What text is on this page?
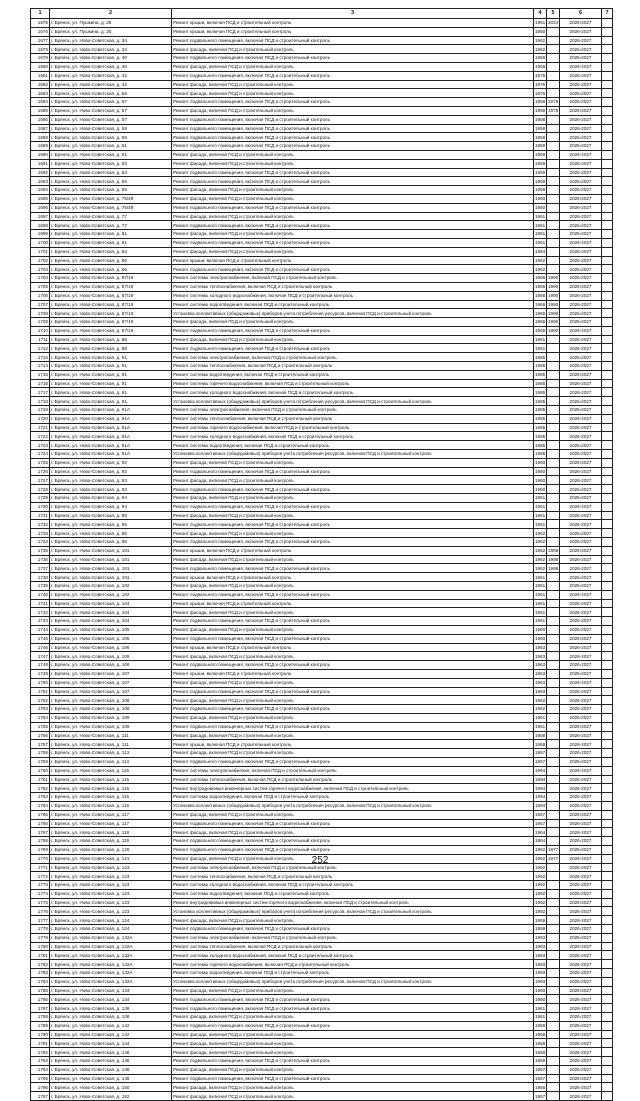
1	2	3	4	5	6	7
1675	г. Брянск, ул. Пушкина, д. 28	Ремонт крыши, включая ПСД и строительный контроль	1951	2024	2026-2027	
1676	г. Брянск, ул. Пушкина, д. 30	Ремонт крыши, включая ПСД и строительный контроль	1950		2026-2027	
1677	г. Брянск, ул. Ново-Советская, д. 34	Ремонт подвального помещения, включая ПСД и строительный контроль	1962		2026-2027	
1678	г. Брянск, ул. Ново-Советская, д. 34	Ремонт фасада, включая ПСД и строительный контроль	1962		2026-2027	
1679	г. Брянск, ул. Ново-Советская, д. 40	Ремонт подвального помещения, включая ПСД и строительный контроль	1958		2026-2027	
1680	г. Брянск, ул. Ново-Советская, д. 40	Ремонт фасада, включая ПСД и строительный контроль	1958		2026-2027	
1681	г. Брянск, ул. Ново-Советская, д. 42	Ремонт подвального помещения, включая ПСД и строительный контроль	1976		2026-2027	
1682	г. Брянск, ул. Ново-Советская, д. 42	Ремонт фасада, включая ПСД и строительный контроль	1976		2026-2027	
1683	г. Брянск, ул. Ново-Советская, д. 56	Ремонт фасада, включая ПСД и строительный контроль	1976		2026-2027	
1684	г. Брянск, ул. Ново-Советская, д. 57	Ремонт подвального помещения, включая ПСД и строительный контроль	1958	1978	2026-2027	
1685	г. Брянск, ул. Ново-Советская, д. 57	Ремонт фасада, включая ПСД и строительный контроль	1958	1978	2026-2027	
1686	г. Брянск, ул. Ново-Советская, д. 57	Ремонт подвального помещения, включая ПСД и строительный контроль	1958		2026-2027	
1687	г. Брянск, ул. Ново-Советская, д. 59	Ремонт подвального помещения, включая ПСД и строительный контроль	1958		2026-2027	
1688	г. Брянск, ул. Ново-Советская, д. 59	Ремонт подвального помещения, включая ПСД и строительный контроль	1959		2026-2027	
1689	г. Брянск, ул. Ново-Советская, д. 61	Ремонт подвального помещения, включая ПСД и строительный контроль	1959		2026-2027	
1690	г. Брянск, ул. Ново-Советская, д. 61	Ремонт фасада, включая ПСД и строительный контроль	1959		2026-2027	
1691	г. Брянск, ул. Ново-Советская, д. 63	Ремонт фасада, включая ПСД и строительный контроль	1959		2026-2027	
1692	г. Брянск, ул. Ново-Советская, д. 63	Ремонт подвального помещения, включая ПСД и строительный контроль	1959		2026-2027	
1693	г. Брянск, ул. Ново-Советская, д. 65	Ремонт подвального помещения, включая ПСД и строительный контроль	1959		2026-2027	
1694	г. Брянск, ул. Ново-Советская, д. 65	Ремонт фасада, включая ПСД и строительный контроль	1959		2026-2027	
1695	г. Брянск, ул. Ново-Советская, д. 75/49	Ремонт фасада, включая ПСД и строительный контроль	1960		2026-2027	
1696	г. Брянск, ул. Ново-Советская, д. 75/49	Ремонт подвального помещения, включая ПСД и строительный контроль	1960		2026-2027	
1697	г. Брянск, ул. Ново-Советская, д. 77	Ремонт фасада, включая ПСД и строительный контроль	1961		2026-2027	
1698	г. Брянск, ул. Ново-Советская, д. 77	Ремонт подвального помещения, включая ПСД и строительный контроль	1961		2026-2027	
1699	г. Брянск, ул. Ново-Советская, д. 81	Ремонт фасада, включая ПСД и строительный контроль	1961		2026-2027	
1700	г. Брянск, ул. Ново-Советская, д. 81	Ремонт подвального помещения, включая ПСД и строительный контроль	1961		2026-2027	
1701	г. Брянск, ул. Ново-Советская, д. 84	Ремонт фасада, включая ПСД и строительный контроль	1964		2026-2027	
1702	г. Брянск, ул. Ново-Советская, д. 86	Ремонт крыши, включая ПСД и строительный контроль	1962		2026-2027	
1703	г. Брянск, ул. Ново-Советская, д. 86	Ремонт подвального помещения, включая ПСД и строительный контроль	1962		2026-2027	
1704	г. Брянск, ул. Ново-Советская, д. 87/19	Ремонт системы электроснабжения, включая ПСД и строительный контроль	1966	1990	2026-2027	
1705	г. Брянск, ул. Ново-Советская, д. 87/19	Ремонт системы теплоснабжения, включая ПСД и строительный контроль	1966	1990	2026-2027	
1706	г. Брянск, ул. Ново-Советская, д. 87/19	Ремонт системы холодного водоснабжения, включая ПСД и строительный контроль	1966	1990	2026-2027	
1707	г. Брянск, ул. Ново-Советская, д. 87/19	Ремонт системы водоотведения, включая ПСД и строительный контроль	1966	1990	2026-2027	
1708	г. Брянск, ул. Ново-Советская, д. 87/19	Установка коллективных (общедомовых) приборов учета потребления ресурсов, включая ПСД и строительный контроль	1966	1990	2026-2027	
1709	г. Брянск, ул. Ново-Советская, д. 87/19	Ремонт фасада, включая ПСД и строительный контроль	1966	1990	2026-2027	
1710	г. Брянск, ул. Ново-Советская, д. 87/19	Ремонт подвального помещения, включая ПСД и строительный контроль	1966	1990	2026-2027	
1711	г. Брянск, ул. Ново-Советская, д. 88	Ремонт фасада, включая ПСД и строительный контроль	1961		2026-2027	
1712	г. Брянск, ул. Ново-Советская, д. 88	Ремонт подвального помещения, включая ПСД и строительный контроль	1961		2026-2027	
1713	г. Брянск, ул. Ново-Советская, д. 91	Ремонт системы электроснабжения, включая ПСД и строительный контроль	1985		2026-2027	
1714	г. Брянск, ул. Ново-Советская, д. 91	Ремонт системы теплоснабжения, включая ПСД и строительный контроль	1985		2026-2027	
1715	г. Брянск, ул. Ново-Советская, д. 91	Ремонт системы водоотведения, включая ПСД и строительный контроль	1985		2026-2027	
1716	г. Брянск, ул. Ново-Советская, д. 91	Ремонт системы горячего водоснабжения, включая ПСД и строительный контроль	1985		2026-2027	
1717	г. Брянск, ул. Ново-Советская, д. 91	Ремонт системы холодного водоснабжения, включая ПСД и строительный контроль	1985		2026-2027	
1718	г. Брянск, ул. Ново-Советская, д. 91	Установка коллективных (общедомовых) приборов учета потребления ресурсов, включая ПСД и строительный контроль	1985		2026-2027	
1719	г. Брянск, ул. Ново-Советская, д. 91А	Ремонт системы электроснабжения, включая ПСД и строительный контроль	1985		2026-2027	
1720	г. Брянск, ул. Ново-Советская, д. 91А	Ремонт системы теплоснабжения, включая ПСД и строительный контроль	1985		2026-2027	
1721	г. Брянск, ул. Ново-Советская, д. 91А	Ремонт системы горячего водоснабжения, включая ПСД и строительный контроль	1985		2026-2027	
1722	г. Брянск, ул. Ново-Советская, д. 91А	Ремонт системы холодного водоснабжения, включая ПСД и строительный контроль	1985		2026-2027	
1723	г. Брянск, ул. Ново-Советская, д. 91А	Ремонт системы водоотведения, включая ПСД и строительный контроль	1985		2026-2027	
1724	г. Брянск, ул. Ново-Советская, д. 91А	Установка коллективных (общедомовых) приборов учета потребления ресурсов, включая ПСД и строительный контроль	1985		2026-2027	
1725	г. Брянск, ул. Ново-Советская, д. 92	Ремонт фасада, включая ПСД и строительный контроль	1960		2026-2027	
1726	г. Брянск, ул. Ново-Советская, д. 92	Ремонт подвального помещения, включая ПСД и строительный контроль	1960		2026-2027	
1727	г. Брянск, ул. Ново-Советская, д. 93	Ремонт фасада, включая ПСД и строительный контроль	1960		2026-2027	
1728	г. Брянск, ул. Ново-Советская, д. 93	Ремонт подвального помещения, включая ПСД и строительный контроль	1960		2026-2027	
1729	г. Брянск, ул. Ново-Советская, д. 94	Ремонт фасада, включая ПСД и строительный контроль	1961		2026-2027	
1730	г. Брянск, ул. Ново-Советская, д. 94	Ремонт подвального помещения, включая ПСД и строительный контроль	1961		2026-2027	
1731	г. Брянск, ул. Ново-Советская, д. 95	Ремонт фасада, включая ПСД и строительный контроль	1961		2026-2027	
1732	г. Брянск, ул. Ново-Советская, д. 95	Ремонт подвального помещения, включая ПСД и строительный контроль	1961		2026-2027	
1733	г. Брянск, ул. Ново-Советская, д. 96	Ремонт фасада, включая ПСД и строительный контроль	1962		2026-2027	
1734	г. Брянск, ул. Ново-Советская, д. 98	Ремонт подвального помещения, включая ПСД и строительный контроль	1962		2026-2027	
1735	г. Брянск, ул. Ново-Советская, д. 101	Ремонт крыши, включая ПСД и строительный контроль	1962	1998	2026-2027	
1736	г. Брянск, ул. Ново-Советская, д. 101	Ремонт фасада, включая ПСД и строительный контроль	1962	1998	2026-2027	
1737	г. Брянск, ул. Ново-Советская, д. 101	Ремонт подвального помещения, включая ПСД и строительный контроль	1962	1998	2026-2027	
1738	г. Брянск, ул. Ново-Советская, д. 101	Ремонт крыши, включая ПСД и строительный контроль	1961		2026-2027	
1739	г. Брянск, ул. Ново-Советская, д. 102	Ремонт фасада, включая ПСД и строительный контроль	1961		2026-2027	
1740	г. Брянск, ул. Ново-Советская, д. 102	Ремонт подвального помещения, включая ПСД и строительный контроль	1961		2026-2027	
1741	г. Брянск, ул. Ново-Советская, д. 104	Ремонт крыши, включая ПСД и строительный контроль	1961		2026-2027	
1742	г. Брянск, ул. Ново-Советская, д. 104	Ремонт фасада, включая ПСД и строительный контроль	1961		2026-2027	
1743	г. Брянск, ул. Ново-Советская, д. 104	Ремонт подвального помещения, включая ПСД и строительный контроль	1961		2026-2027	
1744	г. Брянск, ул. Ново-Советская, д. 105	Ремонт фасада, включая ПСД и строительный контроль	1960		2026-2027	
1745	г. Брянск, ул. Ново-Советская, д. 105	Ремонт подвального помещения, включая ПСД и строительный контроль	1960		2026-2027	
1746	г. Брянск, ул. Ново-Советская, д. 106	Ремонт крыши, включая ПСД и строительный контроль	1963		2026-2027	
1747	г. Брянск, ул. Ново-Советская, д. 106	Ремонт фасада, включая ПСД и строительный контроль	1963		2026-2027	
1748	г. Брянск, ул. Ново-Советская, д. 106	Ремонт подвального помещения, включая ПСД и строительный контроль	1963		2026-2027	
1749	г. Брянск, ул. Ново-Советская, д. 107	Ремонт крыши, включая ПСД и строительный контроль	1963		2026-2027	
1750	г. Брянск, ул. Ново-Советская, д. 107	Ремонт фасада, включая ПСД и строительный контроль	1963		2026-2027	
1751	г. Брянск, ул. Ново-Советская, д. 107	Ремонт подвального помещения, включая ПСД и строительный контроль	1963		2026-2027	
1752	г. Брянск, ул. Ново-Советская, д. 108	Ремонт фасада, включая ПСД и строительный контроль	1962		2026-2027	
1753	г. Брянск, ул. Ново-Советская, д. 108	Ремонт подвального помещения, включая ПСД и строительный контроль	1962		2026-2027	
1754	г. Брянск, ул. Ново-Советская, д. 109	Ремонт фасада, включая ПСД и строительный контроль	1961		2026-2027	
1755	г. Брянск, ул. Ново-Советская, д. 109	Ремонт подвального помещения, включая ПСД и строительный контроль	1961		2026-2027	
1756	г. Брянск, ул. Ново-Советская, д. 111	Ремонт фасада, включая ПСД и строительный контроль	1958		2026-2027	
1757	г. Брянск, ул. Ново-Советская, д. 111	Ремонт крыши, включая ПСД и строительный контроль	1958		2026-2027	
1758	г. Брянск, ул. Ново-Советская, д. 113	Ремонт фасада, включая ПСД и строительный контроль	1957		2026-2027	
1759	г. Брянск, ул. Ново-Советская, д. 113	Ремонт подвального помещения, включая ПСД и строительный контроль	1957		2026-2027	
1760	г. Брянск, ул. Ново-Советская, д. 115	Ремонт системы электроснабжения, включая ПСД и строительный контроль	1994		2026-2027	
1761	г. Брянск, ул. Ново-Советская, д. 115	Ремонт системы теплоснабжения, включая ПСД и строительный контроль	1994		2026-2027	
1762	г. Брянск, ул. Ново-Советская, д. 115	Ремонт внутридомовых инженерных систем горячего водоснабжения, включая ПСД и строительный контроль	1994		2026-2027	
1763	г. Брянск, ул. Ново-Советская, д. 115	Ремонт системы водоотведения, включая ПСД и строительный контроль	1994		2026-2027	
1764	г. Брянск, ул. Ново-Советская, д. 115	Установка коллективных (общедомовых) приборов учета потребления ресурсов, включая ПСД и строительный контроль	1994		2026-2027	
1765	г. Брянск, ул. Ново-Советская, д. 117	Ремонт фасада, включая ПСД и строительный контроль	1957		2026-2027	
1766	г. Брянск, ул. Ново-Советская, д. 117	Ремонт подвального помещения, включая ПСД и строительный контроль	1957		2026-2027	
1767	г. Брянск, ул. Ново-Советская, д. 118	Ремонт фасада, включая ПСД и строительный контроль	1964		2026-2027	
1768	г. Брянск, ул. Ново-Советская, д. 118	Ремонт подвального помещения, включая ПСД и строительный контроль	1964		2026-2027	
1769	г. Брянск, ул. Ново-Советская, д. 120	Ремонт подвального помещения, включая ПСД и строительный контроль	1952	1977	2026-2027	
1770	г. Брянск, ул. Ново-Советская, д. 121	Ремонт фасада, включая ПСД и строительный контроль	1952	1977	2026-2027	
1771	г. Брянск, ул. Ново-Советская, д. 123	Ремонт системы электроснабжения, включая ПСД и строительный контроль	1992		2026-2027	
1772	г. Брянск, ул. Ново-Советская, д. 123	Ремонт системы теплоснабжения, включая ПСД и строительный контроль	1992		2026-2027	
1773	г. Брянск, ул. Ново-Советская, д. 123	Ремонт системы холодного водоснабжения, включая ПСД и строительный контроль	1992		2026-2027	
1774	г. Брянск, ул. Ново-Советская, д. 123	Ремонт системы водоотведения, включая ПСД и строительный контроль	1992		2026-2027	
1775	г. Брянск, ул. Ново-Советская, д. 123	Ремонт внутридомовых инженерных систем горячего водоснабжения, включая ПСД и строительный контроль	1992		2026-2027	
1776	г. Брянск, ул. Ново-Советская, д. 123	Установка коллективных (общедомовых) приборов учета потребления ресурсов, включая ПСД и строительный контроль	1992		2026-2027	
1777	г. Брянск, ул. Ново-Советская, д. 124	Ремонт фасада, включая ПСД и строительный контроль	1959		2026-2027	
1778	г. Брянск, ул. Ново-Советская, д. 124	Ремонт подвального помещения, включая ПСД и строительный контроль	1959		2026-2027	
1779	г. Брянск, ул. Ново-Советская, д. 132А	Ремонт системы электроснабжения, включая ПСД и строительный контроль	1993		2026-2027	
1780	г. Брянск, ул. Ново-Советская, д. 132А	Ремонт системы теплоснабжения, включая ПСД и строительный контроль	1993		2026-2027	
1781	г. Брянск, ул. Ново-Советская, д. 132А	Ремонт системы холодного водоснабжения, включая ПСД и строительный контроль	1993		2026-2027	
1782	г. Брянск, ул. Ново-Советская, д. 132А	Ремонт системы горячего водоснабжения, включая ПСД и строительный контроль	1993		2026-2027	
1783	г. Брянск, ул. Ново-Советская, д. 132А	Ремонт системы водоотведения, включая ПСД и строительный контроль	1993		2026-2027	
1784	г. Брянск, ул. Ново-Советская, д. 132А	Установка коллективных (общедомовых) приборов учета потребления ресурсов, включая ПСД и строительный контроль	1993		2026-2027	
1785	г. Брянск, ул. Ново-Советская, д. 134	Ремонт фасада, включая ПСД и строительный контроль	1960		2026-2027	
1786	г. Брянск, ул. Ново-Советская, д. 134	Ремонт подвального помещения, включая ПСД и строительный контроль	1960		2026-2027	
1787	г. Брянск, ул. Ново-Советская, д. 136	Ремонт подвального помещения, включая ПСД и строительный контроль	1961		2026-2027	
1788	г. Брянск, ул. Ново-Советская, д. 136	Ремонт фасада, включая ПСД и строительный контроль	1961		2026-2027	
1789	г. Брянск, ул. Ново-Советская, д. 142	Ремонт подвального помещения, включая ПСД и строительный контроль	1958		2026-2027	
1790	г. Брянск, ул. Ново-Советская, д. 142	Ремонт фасада, включая ПСД и строительный контроль	1958		2026-2027	
1791	г. Брянск, ул. Ново-Советская, д. 144	Ремонт фасада, включая ПСД и строительный контроль	1958		2026-2027	
1792	г. Брянск, ул. Ново-Советская, д. 146	Ремонт фасада, включая ПСД и строительный контроль	1958		2026-2027	
1793	г. Брянск, ул. Ново-Советская, д. 146	Ремонт подвального помещения, включая ПСД и строительный контроль	1958		2026-2027	
1794	г. Брянск, ул. Ново-Советская, д. 148	Ремонт фасада, включая ПСД и строительный контроль	1957		2026-2027	
1795	г. Брянск, ул. Ново-Советская, д. 148	Ремонт подвального помещения, включая ПСД и строительный контроль	1957		2026-2027	
1796	г. Брянск, ул. Ново-Советская, д. 150	Ремонт фасада, включая ПСД и строительный контроль	1956		2026-2027	
1797	г. Брянск, ул. Ново-Советская, д. 152	Ремонт фасада, включая ПСД и строительный контроль	1957		2026-2027	
252
